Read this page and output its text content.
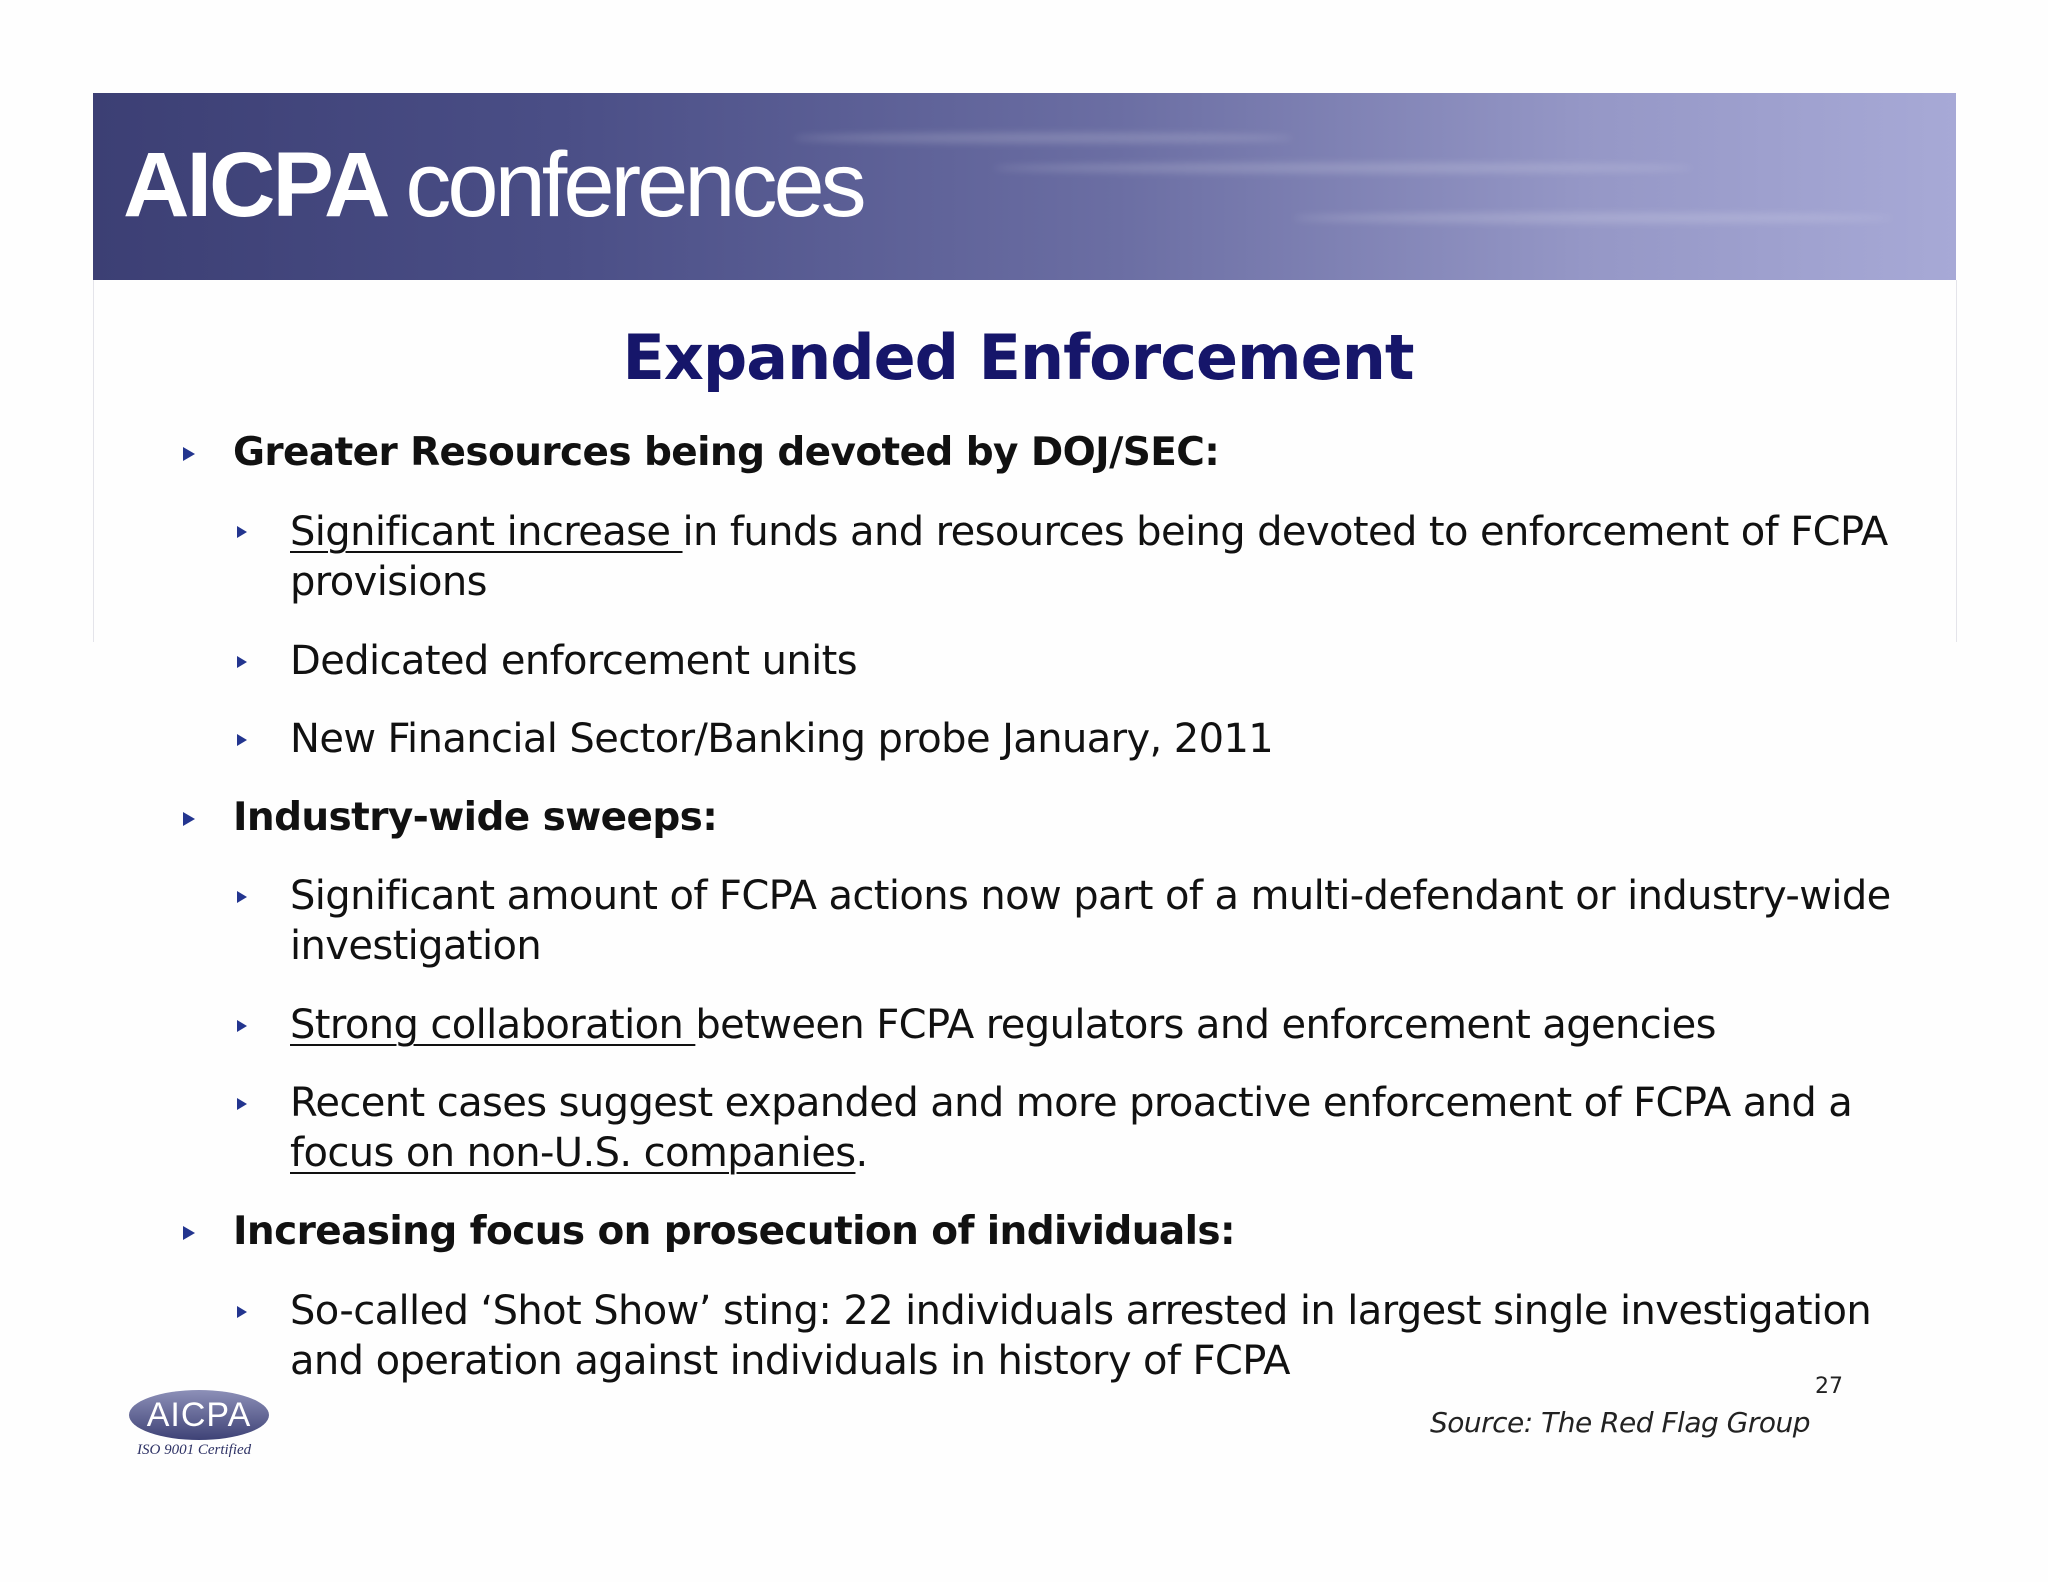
AICPA conferences
Expanded Enforcement
Greater Resources being devoted by DOJ/SEC:
Significant increase in funds and resources being devoted to enforcement of FCPA
provisions
Dedicated enforcement units
New Financial Sector/Banking probe January, 2011
Industry-wide sweeps:
Significant amount of FCPA actions now part of a multi-defendant or industry-wide
investigation
Strong collaboration between FCPA regulators and enforcement agencies
Recent cases suggest expanded and more proactive enforcement of FCPA and a
focus on non-U.S. companies.
Increasing focus on prosecution of individuals:
So-called ‘Shot Show’ sting: 22 individuals arrested in largest single investigation
and operation against individuals in history of FCPA
27
Source: The Red Flag Group
AICPA
ISO 9001 Certified
